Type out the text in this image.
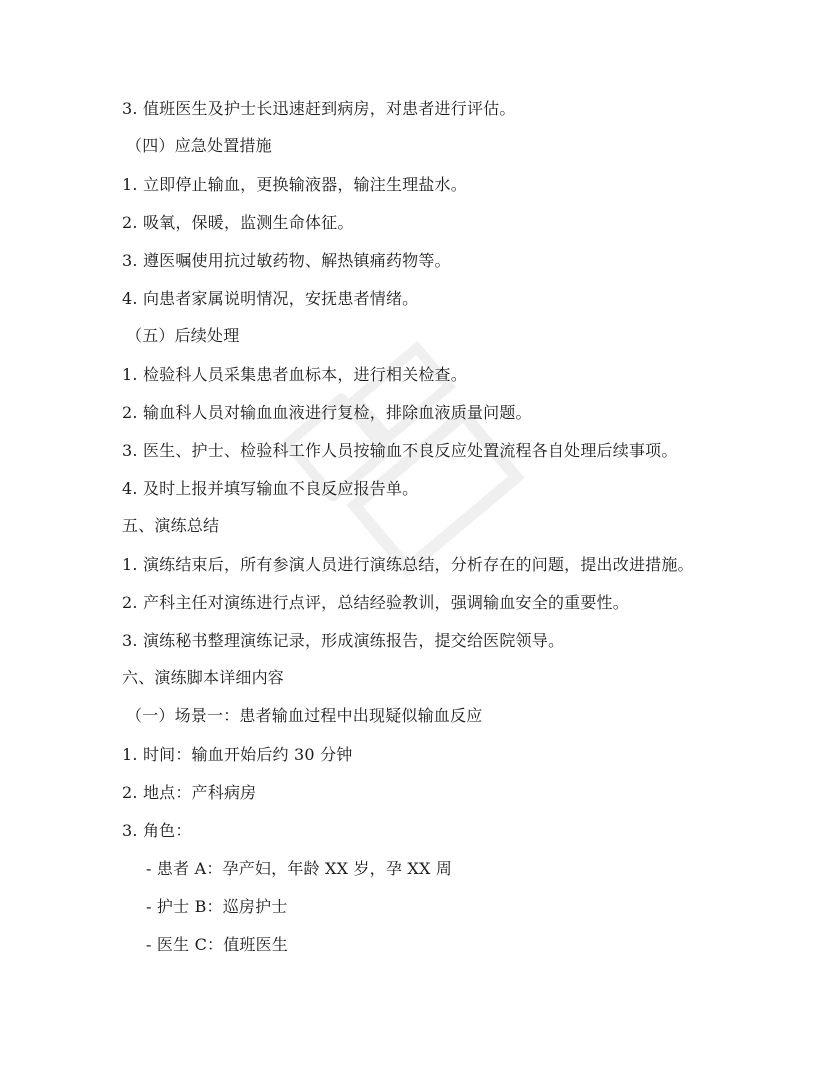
3. 值班医生及护士长迅速赶到病房，对患者进行评估。
（四）应急处置措施
1. 立即停止输血，更换输液器，输注生理盐水。
2. 吸氧，保暖，监测生命体征。
3. 遵医嘱使用抗过敏药物、解热镇痛药物等。
4. 向患者家属说明情况，安抚患者情绪。
（五）后续处理
1. 检验科人员采集患者血标本，进行相关检查。
2. 输血科人员对输血血液进行复检，排除血液质量问题。
3. 医生、护士、检验科工作人员按输血不良反应处置流程各自处理后续事项。
4. 及时上报并填写输血不良反应报告单。
五、演练总结
1. 演练结束后，所有参演人员进行演练总结，分析存在的问题，提出改进措施。
2. 产科主任对演练进行点评，总结经验教训，强调输血安全的重要性。
3. 演练秘书整理演练记录，形成演练报告，提交给医院领导。
六、演练脚本详细内容
（一）场景一：患者输血过程中出现疑似输血反应
1. 时间：输血开始后约 30 分钟
2. 地点：产科病房
3. 角色：
- 患者 A：孕产妇，年龄 XX 岁，孕 XX 周
- 护士 B：巡房护士
- 医生 C：值班医生
